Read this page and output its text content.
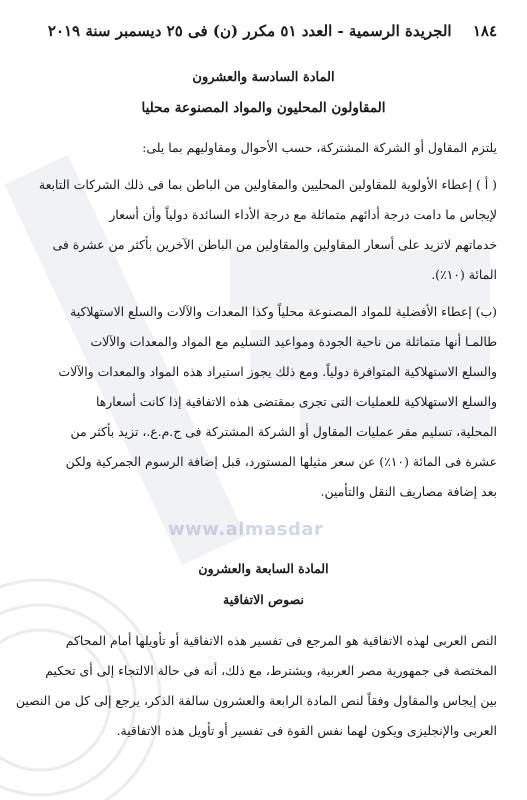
١٨٤ الجريدة الرسمية - العدد ٥١ مكرر (ن) فى ٢٥ ديسمبر سنة ٢٠١٩
المادة السادسة والعشرون
المقاولون المحليون والمواد المصنوعة محليا
يلتزم المقاول أو الشركة المشتركة، حسب الأحوال ومقاوليهم بما يلى:
( أ ) إعطاء الأولوية للمقاولين المحليين والمقاولين من الباطن بما فى ذلك الشركات التابعة
لإيجاس ما دامت درجة أدائهم متماثلة مع درجة الأداء السائدة دولياً وأن أسعار
خدماتهم لاتزيد على أسعار المقاولين والمقاولين من الباطن الآخرين بأكثر من عشرة فى
المائة (١٠٪).
(ب) إعطاء الأفضلية للمواد المصنوعة محلياً وكذا المعدات والآلات والسلع الاستهلاكية
طالمـا أنها متماثلة من ناحية الجودة ومواعيد التسليم مع المواد والمعدات والآلات
والسلع الاستهلاكية المتوافرة دولياً. ومع ذلك يجوز استيراد هذه المواد والمعدات والآلات
والسلع الاستهلاكية للعمليات التى تجرى بمقتضى هذه الاتفاقية إذا كانت أسعارها
المحلية، تسليم مقر عمليات المقاول أو الشركة المشتركة فى ج.م.ع.، تزيد بأكثر من
عشرة فى المائة (١٠٪) عن سعر مثيلها المستورد، قبل إضافة الرسوم الجمركية ولكن
بعد إضافة مصاريف النقل والتأمين.
www.almasdar
المادة السابعة والعشرون
نصوص الاتفاقية
النص العربى لهذه الاتفاقية هو المرجع فى تفسير هذه الاتفاقية أو تأويلها أمام المحاكم
المختصة فى جمهورية مصر العربية، ويشترط، مع ذلك، أنه فى حالة الالتجاء إلى أى تحكيم
بين إيجاس والمقاول وفقاً لنص المادة الرابعة والعشرون سالفة الذكر، يرجع إلى كل من النصين
العربى والإنجليزى ويكون لهما نفس القوة فى تفسير أو تأويل هذه الاتفاقية.
